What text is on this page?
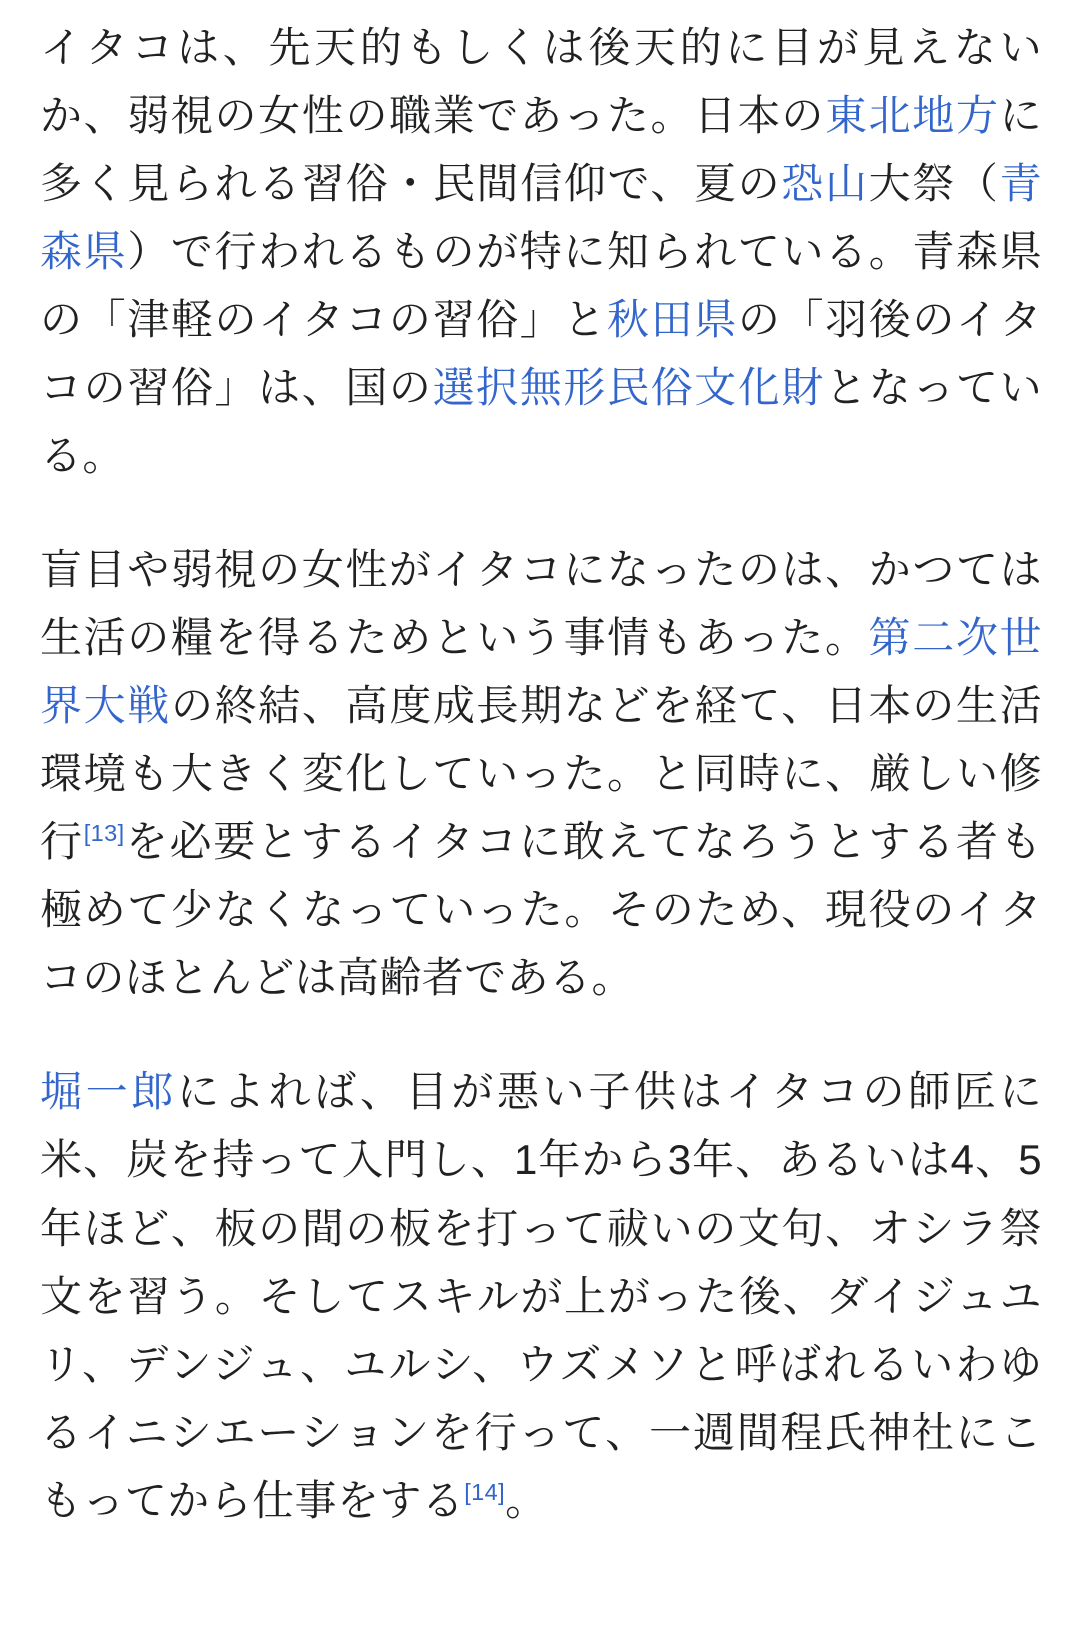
イタコは、先天的もしくは後天的に目が見えないか、弱視の女性の職業であった。日本の東北地方に多く見られる習俗・民間信仰で、夏の恐山大祭（青森県）で行われるものが特に知られている。青森県の「津軽のイタコの習俗」と秋田県の「羽後のイタコの習俗」は、国の選択無形民俗文化財となっている。

盲目や弱視の女性がイタコになったのは、かつては生活の糧を得るためという事情もあった。第二次世界大戦の終結、高度成長期などを経て、日本の生活環境も大きく変化していった。と同時に、厳しい修行[13]を必要とするイタコに敢えてなろうとする者も極めて少なくなっていった。そのため、現役のイタコのほとんどは高齢者である。

堀一郎によれば、目が悪い子供はイタコの師匠に米、炭を持って入門し、1年から3年、あるいは4、5年ほど、板の間の板を打って祓いの文句、オシラ祭文を習う。そしてスキルが上がった後、ダイジュユリ、デンジュ、ユルシ、ウズメソと呼ばれるいわゆるイニシエーションを行って、一週間程氏神社にこもってから仕事をする[14]。
